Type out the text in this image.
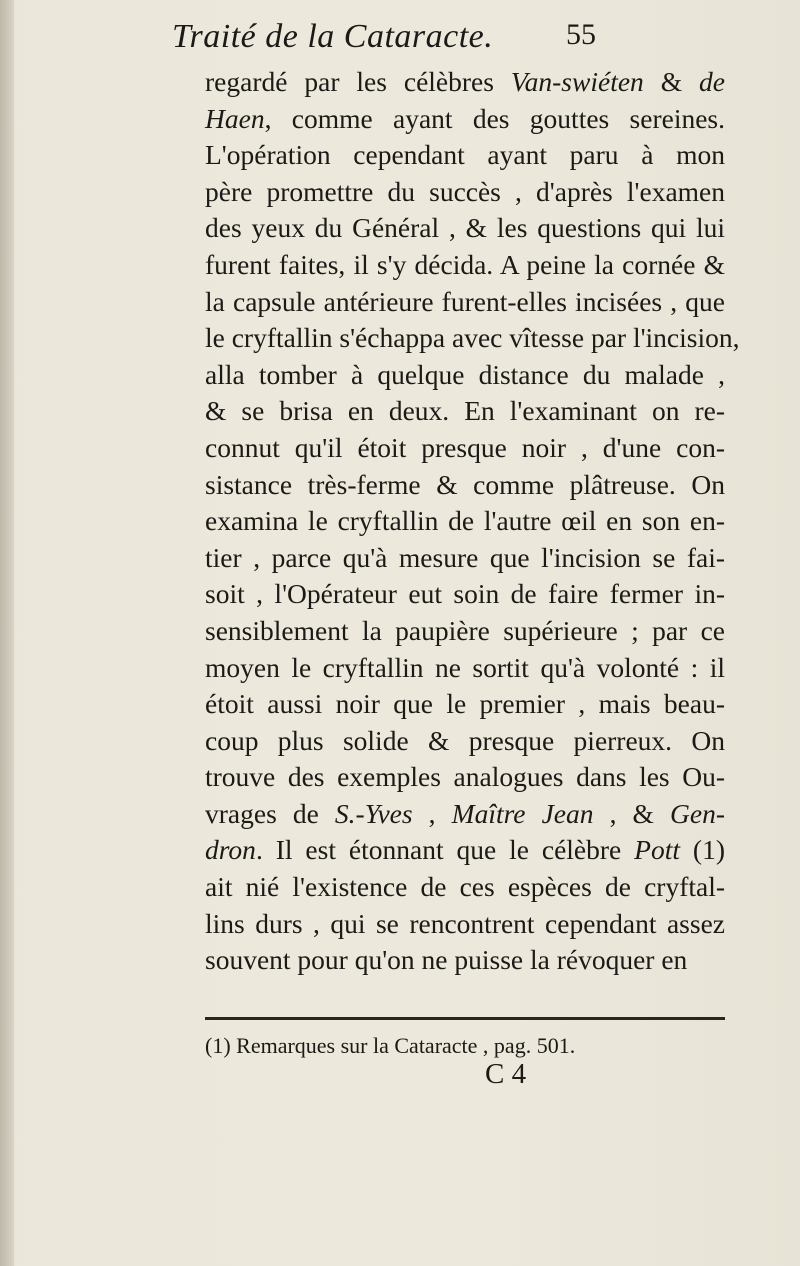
Traité de la Cataracte. 55
regardé par les célèbres Van-swiéten & de
Haen, comme ayant des gouttes sereines.
L'opération cependant ayant paru à mon
père promettre du succès , d'après l'examen
des yeux du Général , & les questions qui lui
furent faites, il s'y décida. A peine la cornée &
la capsule antérieure furent-elles incisées , que
le cryftallin s'échappa avec vîtesse par l'incision,
alla tomber à quelque distance du malade ,
& se brisa en deux. En l'examinant on re-
connut qu'il étoit presque noir , d'une con-
sistance très-ferme & comme plâtreuse. On
examina le cryftallin de l'autre œil en son en-
tier , parce qu'à mesure que l'incision se fai-
soit , l'Opérateur eut soin de faire fermer in-
sensiblement la paupière supérieure ; par ce
moyen le cryftallin ne sortit qu'à volonté : il
étoit aussi noir que le premier , mais beau-
coup plus solide & presque pierreux. On
trouve des exemples analogues dans les Ou-
vrages de S.-Yves , Maître Jean , & Gen-
dron. Il est étonnant que le célèbre Pott (1)
ait nié l'existence de ces espèces de cryftal-
lins durs , qui se rencontrent cependant assez
souvent pour qu'on ne puisse la révoquer en
(1) Remarques sur la Cataracte , pag. 501.
C 4
